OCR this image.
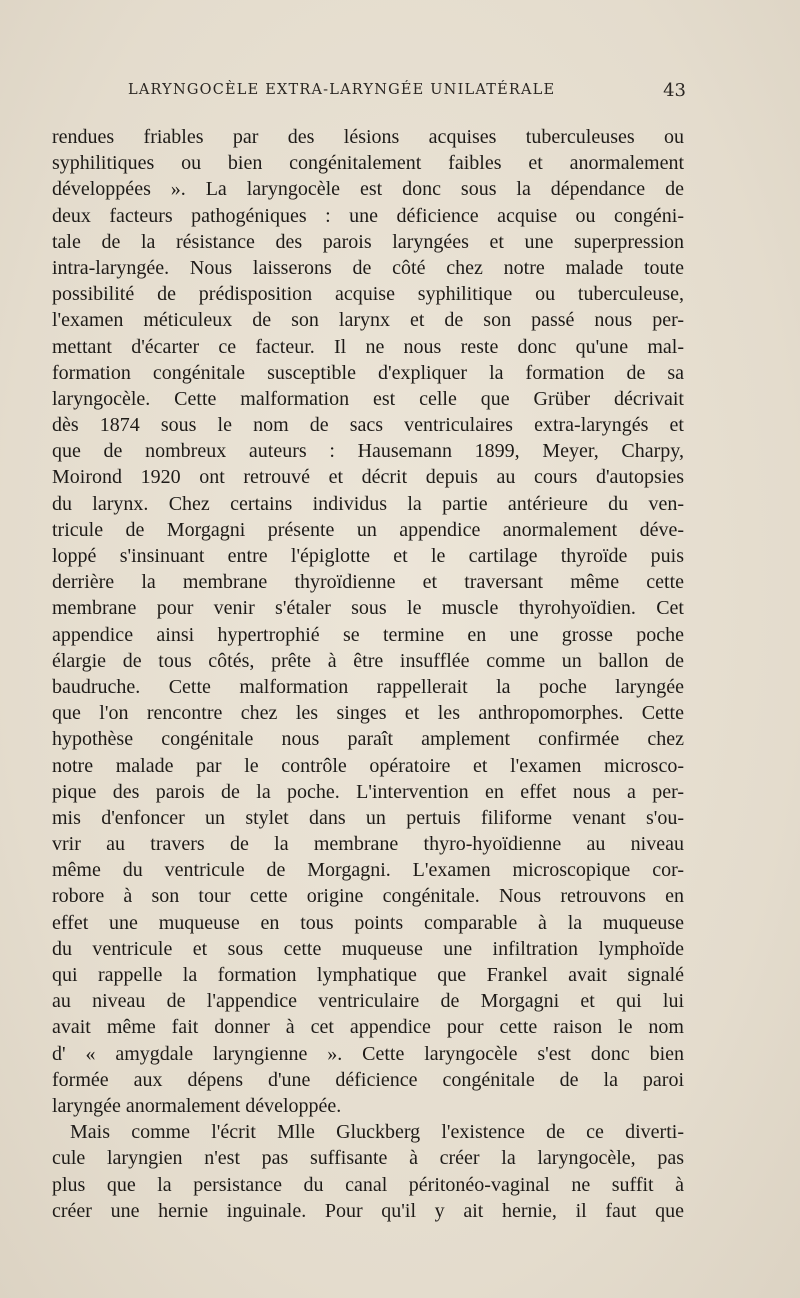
LARYNGOCÈLE EXTRA-LARYNGÉE UNILATÉRALE	43
rendues friables par des lésions acquises tuberculeuses ou
syphilitiques ou bien congénitalement faibles et anormalement
développées ». La laryngocèle est donc sous la dépendance de
deux facteurs pathogéniques : une déficience acquise ou congéni-
tale de la résistance des parois laryngées et une superpression
intra-laryngée. Nous laisserons de côté chez notre malade toute
possibilité de prédisposition acquise syphilitique ou tuberculeuse,
l'examen méticuleux de son larynx et de son passé nous per-
mettant d'écarter ce facteur. Il ne nous reste donc qu'une mal-
formation congénitale susceptible d'expliquer la formation de sa
laryngocèle. Cette malformation est celle que Grüber décrivait
dès 1874 sous le nom de sacs ventriculaires extra-laryngés et
que de nombreux auteurs : Hausemann 1899, Meyer, Charpy,
Moirond 1920 ont retrouvé et décrit depuis au cours d'autopsies
du larynx. Chez certains individus la partie antérieure du ven-
tricule de Morgagni présente un appendice anormalement déve-
loppé s'insinuant entre l'épiglotte et le cartilage thyroïde puis
derrière la membrane thyroïdienne et traversant même cette
membrane pour venir s'étaler sous le muscle thyrohyoïdien. Cet
appendice ainsi hypertrophié se termine en une grosse poche
élargie de tous côtés, prête à être insufflée comme un ballon de
baudruche. Cette malformation rappellerait la poche laryngée
que l'on rencontre chez les singes et les anthropomorphes. Cette
hypothèse congénitale nous paraît amplement confirmée chez
notre malade par le contrôle opératoire et l'examen microsco-
pique des parois de la poche. L'intervention en effet nous a per-
mis d'enfoncer un stylet dans un pertuis filiforme venant s'ou-
vrir au travers de la membrane thyro-hyoïdienne au niveau
même du ventricule de Morgagni. L'examen microscopique cor-
robore à son tour cette origine congénitale. Nous retrouvons en
effet une muqueuse en tous points comparable à la muqueuse
du ventricule et sous cette muqueuse une infiltration lymphoïde
qui rappelle la formation lymphatique que Frankel avait signalé
au niveau de l'appendice ventriculaire de Morgagni et qui lui
avait même fait donner à cet appendice pour cette raison le nom
d' « amygdale laryngienne ». Cette laryngocèle s'est donc bien
formée aux dépens d'une déficience congénitale de la paroi
laryngée anormalement développée.
Mais comme l'écrit Mlle Gluckberg l'existence de ce diverti-
cule laryngien n'est pas suffisante à créer la laryngocèle, pas
plus que la persistance du canal péritonéo-vaginal ne suffit à
créer une hernie inguinale. Pour qu'il y ait hernie, il faut que
